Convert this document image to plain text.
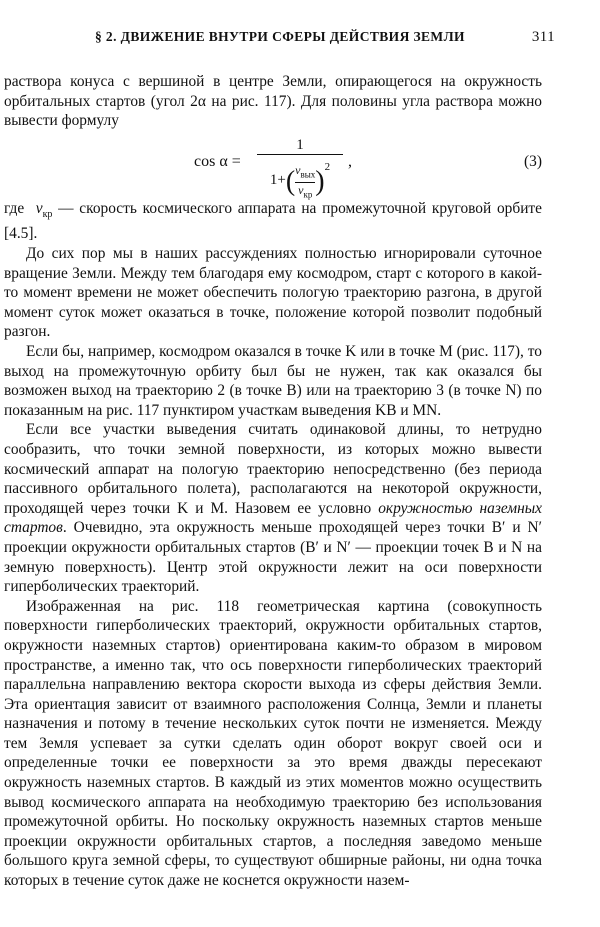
§ 2. ДВИЖЕНИЕ ВНУТРИ СФЕРЫ ДЕЙСТВИЯ ЗЕМЛИ	311

раствора конуса с вершиной в центре Земли, опирающегося на окружность орбитальных стартов (угол 2α на рис. 117). Для половины угла раствора можно вывести формулу

cos α =
1
$1+(\frac{v_{вых}}{v_{кр}})^2$	,	(3)

где $v_{кр}$ — скорость космического аппарата на промежуточной круговой орбите [4.5].

До сих пор мы в наших рассуждениях полностью игнорировали суточное вращение Земли. Между тем благодаря ему космодром, старт с которого в какой-то момент времени не может обеспечить пологую траекторию разгона, в другой момент суток может оказаться в точке, положение которой позволит подобный разгон.

Если бы, например, космодром оказался в точке K или в точке M (рис. 117), то выход на промежуточную орбиту был бы не нужен, так как оказался бы возможен выход на траекторию 2 (в точке B) или на траекторию 3 (в точке N) по показанным на рис. 117 пунктиром участкам выведения KB и MN.

Если все участки выведения считать одинаковой длины, то нетрудно сообразить, что точки земной поверхности, из которых можно вывести космический аппарат на пологую траекторию непосредственно (без периода пассивного орбитального полета), располагаются на некоторой окружности, проходящей через точки K и M. Назовем ее условно окружностью наземных стартов. Очевидно, эта окружность меньше проходящей через точки B′ и N′ проекции окружности орбитальных стартов (B′ и N′ — проекции точек B и N на земную поверхность). Центр этой окружности лежит на оси поверхности гиперболических траекторий.

Изображенная на рис. 118 геометрическая картина (совокупность поверхности гиперболических траекторий, окружности орбитальных стартов, окружности наземных стартов) ориентирована каким-то образом в мировом пространстве, а именно так, что ось поверхности гиперболических траекторий параллельна направлению вектора скорости выхода из сферы действия Земли. Эта ориентация зависит от взаимного расположения Солнца, Земли и планеты назначения и потому в течение нескольких суток почти не изменяется. Между тем Земля успевает за сутки сделать один оборот вокруг своей оси и определенные точки ее поверхности за это время дважды пересекают окружность наземных стартов. В каждый из этих моментов можно осуществить вывод космического аппарата на необходимую траекторию без использования промежуточной орбиты. Но поскольку окружность наземных стартов меньше проекции окружности орбитальных стартов, а последняя заведомо меньше большого круга земной сферы, то существуют обширные районы, ни одна точка которых в течение суток даже не коснется окружности назем-
